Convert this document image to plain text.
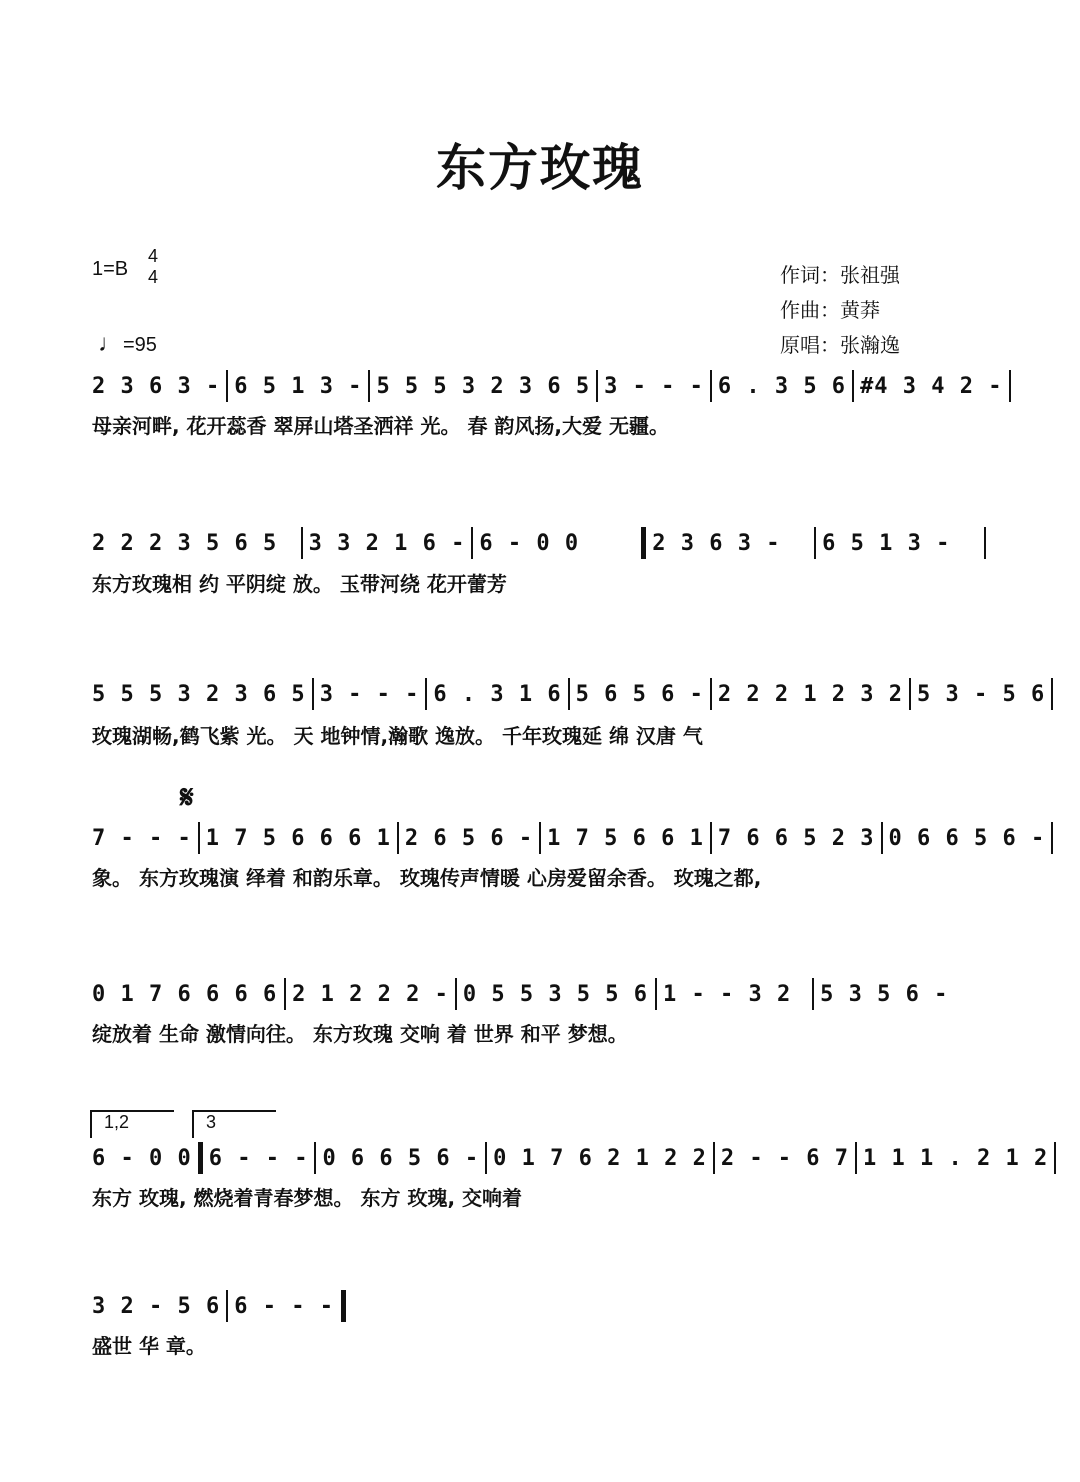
东方玫瑰
1=B
4
4
♩=95
作词：张祖强
作曲：黄莽
原唱：张瀚逸
2 3 6 3 - 6 5 1 3 - 5 5 5 3 2 3 6 5 3 - - - 6 . 3 5 6 #4 3 4 2 -
母亲河畔, 花开蕊香 翠屏山塔圣洒祥 光。 春 韵风扬,大爱 无疆。
2 2 2 3 5 6 5	3 3 2 1 6 - 6 - 0 0	2 3 6 3 -	6 5 1 3 -
东方玫瑰相 约 平阴绽 放。 玉带河绕 花开蕾芳
5 5 5 3 2 3 6 5 3 - - - 6 . 3 1 6 5 6 5 6 - 2 2 2 1 2 3 2 5 3 - 5 6
玫瑰湖畅,鹤飞紫 光。 天 地钟情,瀚歌 逸放。 千年玫瑰延 绵 汉唐 气
𝄋
7 - - - 1 7 5 6 6 6 1 2 6 5 6 - 1 7 5 6 6 1 7 6 6 5 2 3 0 6 6 5 6 -
象。 东方玫瑰演 绎着 和韵乐章。 玫瑰传声情暖 心房爱留余香。 玫瑰之都,
0 1 7 6 6 6 6 2 1 2 2 2 - 0 5 5 3 5 5 6 1 - - 3 2	5 3 5 6 -
绽放着 生命 激情向往。 东方玫瑰 交响 着 世界 和平 梦想。
1,2	3
6 - 0 0 6 - - - 0 6 6 5 6 - 0 1 7 6 2 1 2 2 2 - - 6 7 1 1 1 . 2 1 2
东方 玫瑰, 燃烧着青春梦想。 东方 玫瑰, 交响着
3 2 - 5 6 6 - - -
盛世 华 章。
